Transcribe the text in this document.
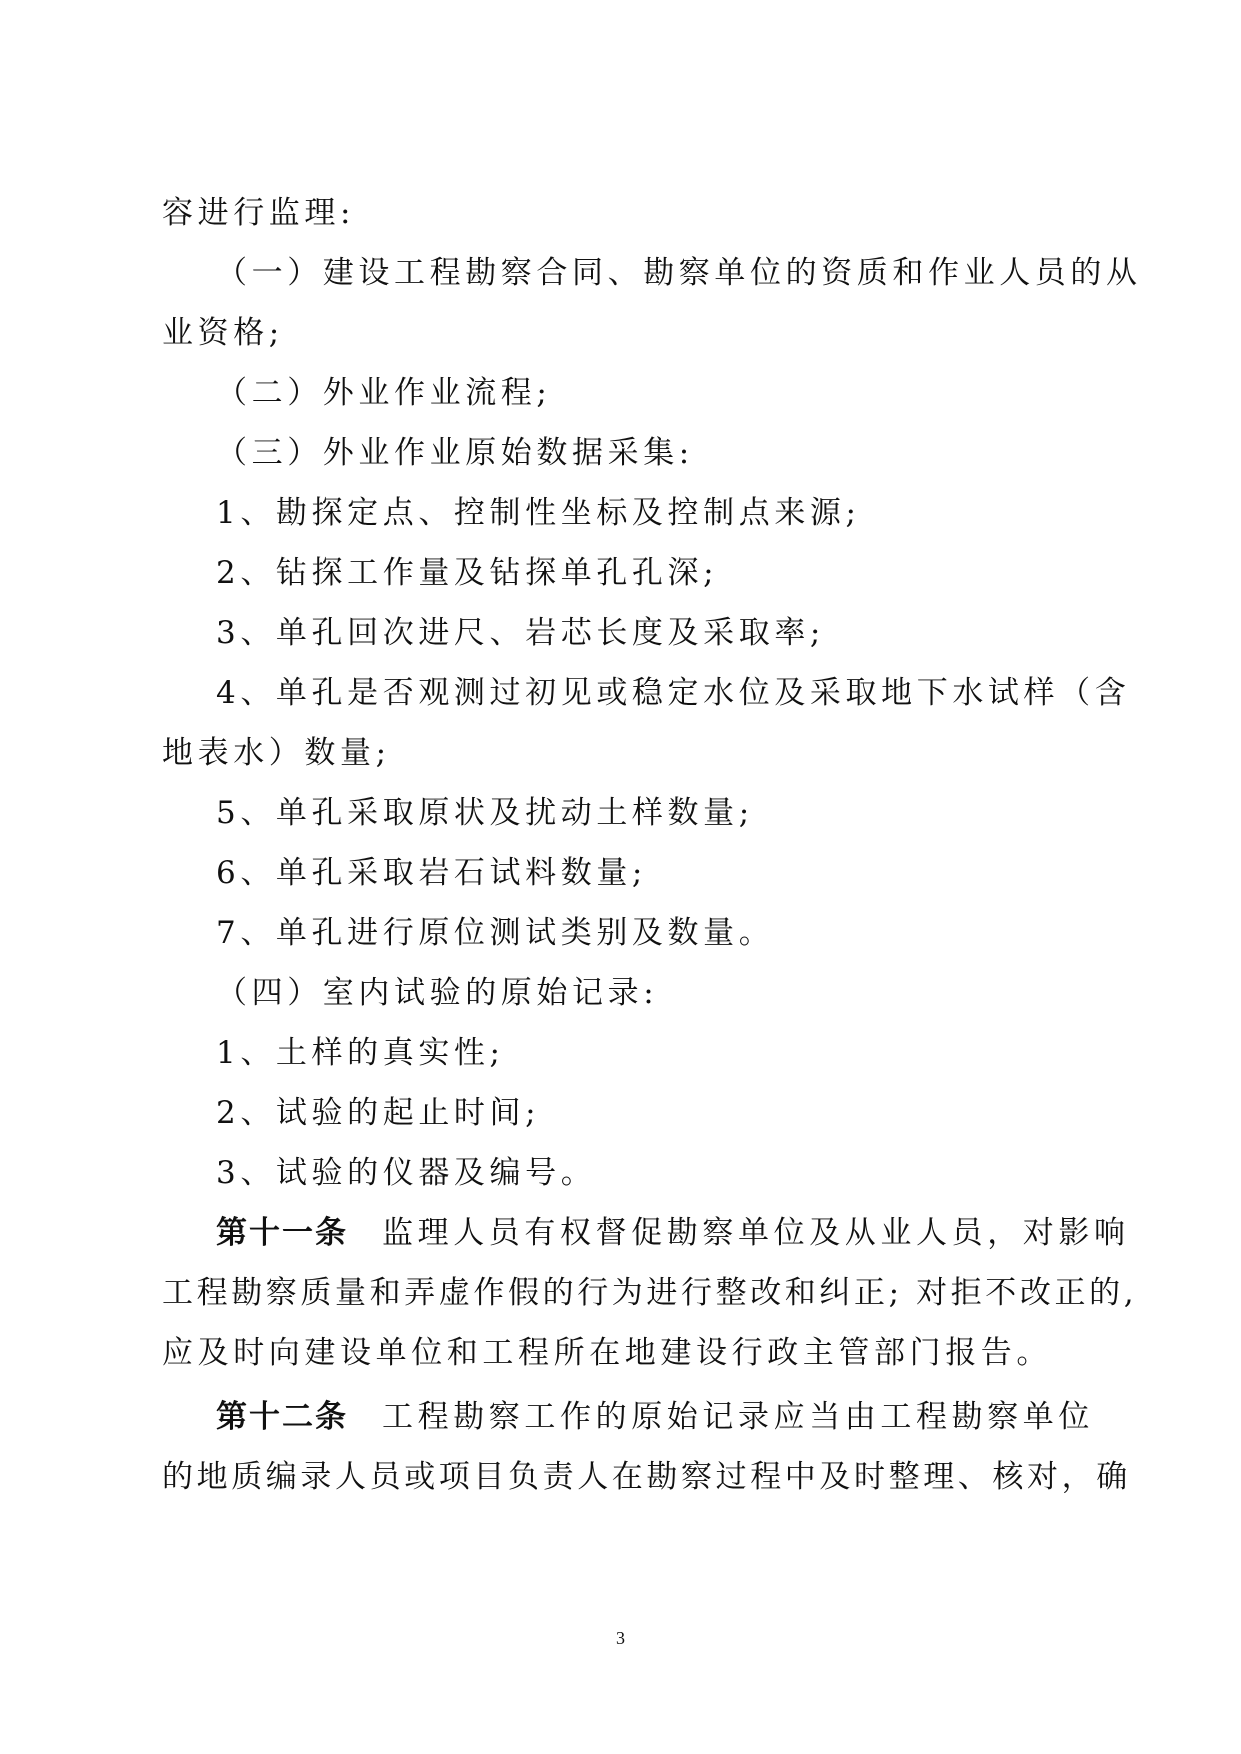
容进行监理:
（一）建设工程勘察合同、勘察单位的资质和作业人员的从
业资格;
（二）外业作业流程;
（三）外业作业原始数据采集:
1、勘探定点、控制性坐标及控制点来源;
2、钻探工作量及钻探单孔孔深;
3、单孔回次进尺、岩芯长度及采取率;
4、单孔是否观测过初见或稳定水位及采取地下水试样（含
地表水）数量;
5、单孔采取原状及扰动土样数量;
6、单孔采取岩石试料数量;
7、单孔进行原位测试类别及数量。
（四）室内试验的原始记录:
1、土样的真实性;
2、试验的起止时间;
3、试验的仪器及编号。
第十一条 监理人员有权督促勘察单位及从业人员，对影响
工程勘察质量和弄虚作假的行为进行整改和纠正; 对拒不改正的,
应及时向建设单位和工程所在地建设行政主管部门报告。
第十二条 工程勘察工作的原始记录应当由工程勘察单位
的地质编录人员或项目负责人在勘察过程中及时整理、核对，确
3
